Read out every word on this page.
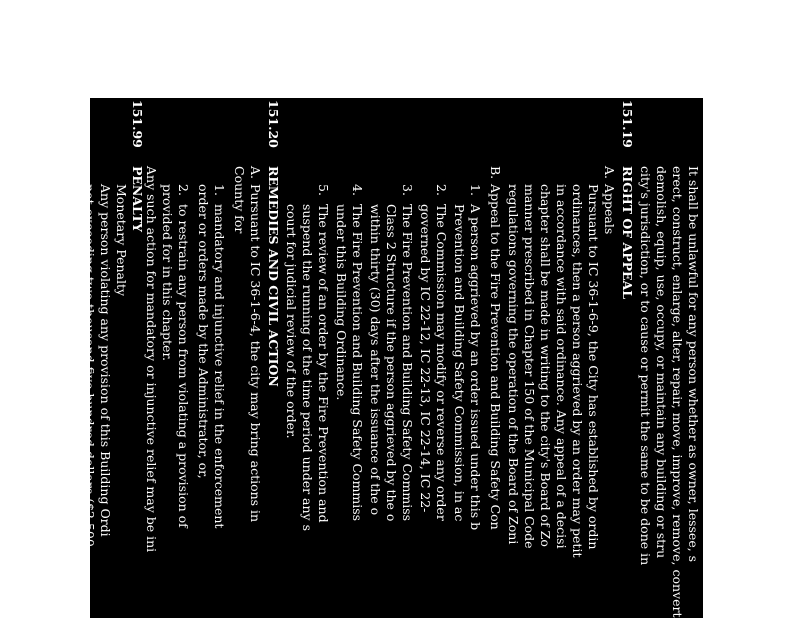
It shall be unlawful for any person whether as owner, lessee, s
erect, construct, enlarge, alter, repair, move, improve, remove, convert, or
demolish, equip, use, occupy, or maintain any building or stru
city's jurisdiction, or to cause or permit the same to be done in
151.19
RIGHT OF APPEAL
A.
Appeals
Pursuant to IC 36-1-6-9, the City has established by ordin
ordinances, then a person aggrieved by an order may petit
in accordance with said ordinance. Any appeal of a decisi
chapter shall be made in writing to the city's Board of Zo
manner prescribed in Chapter 150 of the Municipal Code
regulations governing the operation of the Board of Zoni
B.
Appeal to the Fire Prevention and Building Safety Con
1.
A person aggrieved by an order issued under this b
Prevention and Building Safety Commission, in ac
2.
The Commission may modify or reverse any order
governed by IC 22-12, IC 22-13, IC 22-14, IC 22-
3.
The Fire Prevention and Building Safety Commiss
Class 2 Structure if the person aggrieved by the o
within thirty (30) days after the issuance of the o
4.
The Fire Prevention and Building Safety Commiss
under this Building Ordinance.
5.
The review of an order by the Fire Prevention and
suspend the running of the time period under any s
court for judicial review of the order.
151.20
REMEDIES AND CIVIL ACTION
A.
Pursuant to IC 36-1-6-4, the city may bring actions in
County for
1.
mandatory and injunctive relief in the enforcement
order or orders made by the Administrator, or,
2.
to restrain any person from violating a provision of
provided for in this chapter.
Any such action for mandatory or injunctive relief may be ini
151.99
PENALTY
Monetary Penalty
Any person violating any provision of this Building Ordi
not exceeding two thousand five hundred dollars ($2,500
shall in no way limit the operation of the penalties provid
151.22
SEVERABILITY
Should any provision (section, clause, phrase, word, or any ot
a court of competent jurisdiction to be invalid for any reason,
